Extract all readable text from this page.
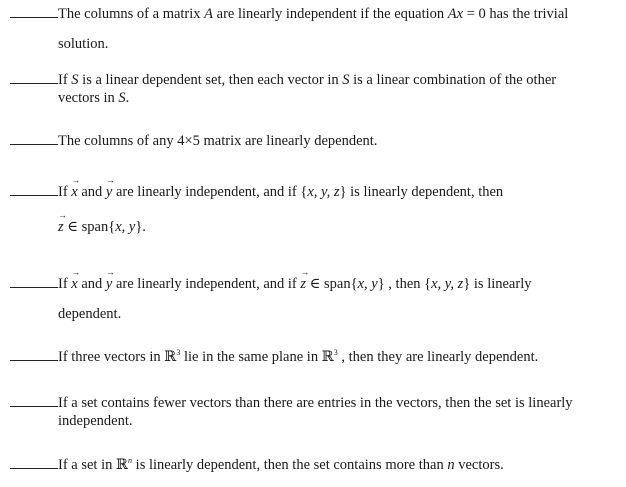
The columns of a matrix A are linearly independent if the equation Ax = 0 has the trivial
solution.
If S is a linear dependent set, then each vector in S is a linear combination of the other
vectors in S.
The columns of any 4×5 matrix are linearly dependent.
If → x and → y are linearly independent, and if {x, y, z} is linearly dependent, then
→ z ∈ span{x, y}.
If → x and → y are linearly independent, and if → z ∈ span{x, y} , then {x, y, z} is linearly
dependent.
If three vectors in ℝ$^3$ lie in the same plane in ℝ$^3$ , then they are linearly dependent.
If a set contains fewer vectors than there are entries in the vectors, then the set is linearly
independent.
If a set in ℝ$^n$ is linearly dependent, then the set contains more than n vectors.
